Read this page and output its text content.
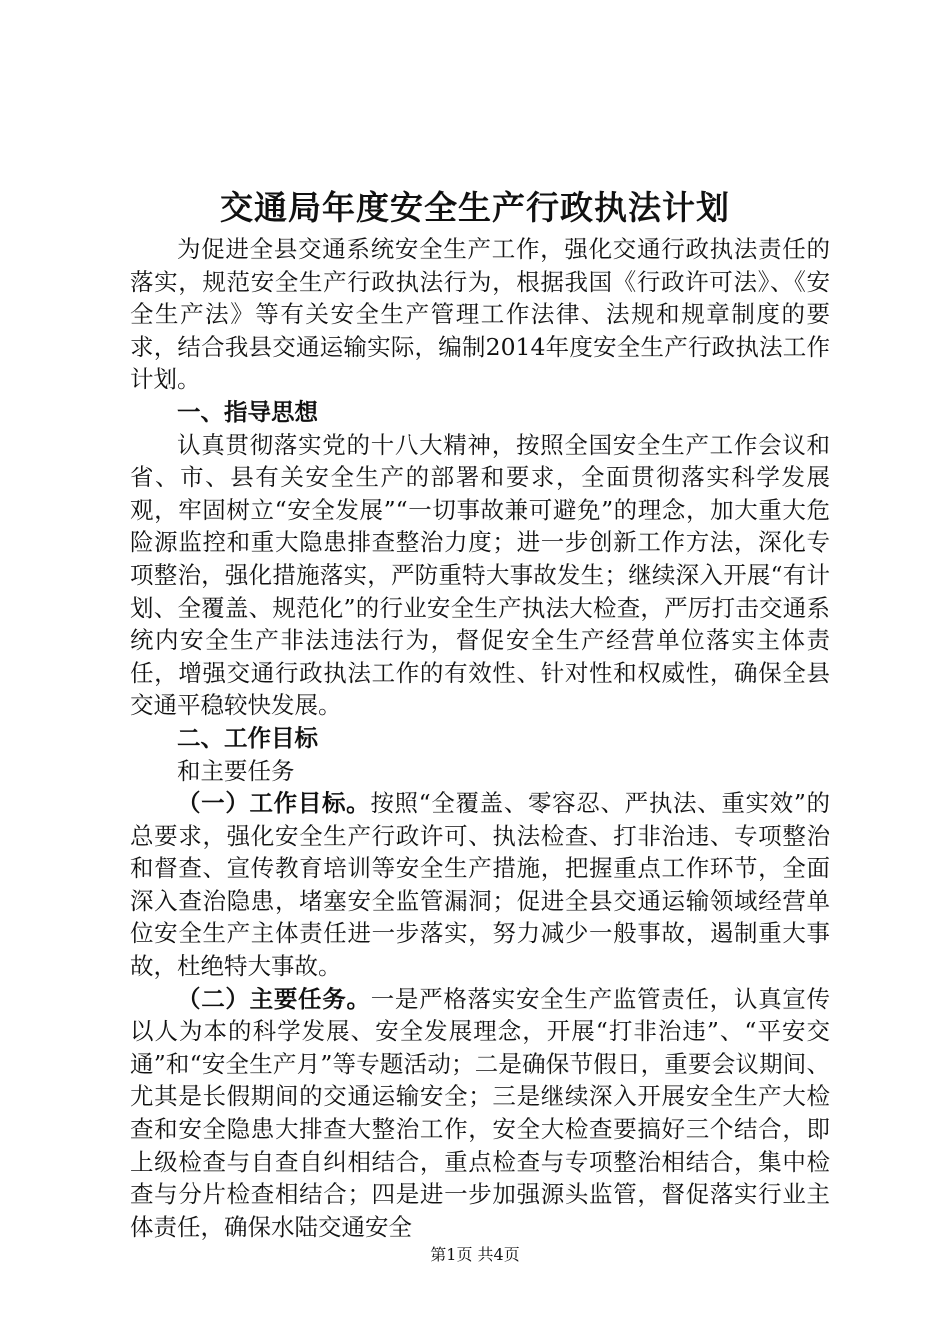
交通局年度安全生产行政执法计划

为促进全县交通系统安全生产工作，强化交通行政执法责任的落实，规范安全生产行政执法行为，根据我国《行政许可法》、《安全生产法》等有关安全生产管理工作法律、法规和规章制度的要求，结合我县交通运输实际，编制2014年度安全生产行政执法工作计划。

一、指导思想

认真贯彻落实党的十八大精神，按照全国安全生产工作会议和省、市、县有关安全生产的部署和要求，全面贯彻落实科学发展观，牢固树立“安全发展”“一切事故兼可避免”的理念，加大重大危险源监控和重大隐患排查整治力度；进一步创新工作方法，深化专项整治，强化措施落实，严防重特大事故发生；继续深入开展“有计划、全覆盖、规范化”的行业安全生产执法大检查，严厉打击交通系统内安全生产非法违法行为，督促安全生产经营单位落实主体责任，增强交通行政执法工作的有效性、针对性和权威性，确保全县交通平稳较快发展。

二、工作目标

和主要任务

（一）工作目标。按照“全覆盖、零容忍、严执法、重实效”的总要求，强化安全生产行政许可、执法检查、打非治违、专项整治和督查、宣传教育培训等安全生产措施，把握重点工作环节，全面深入查治隐患，堵塞安全监管漏洞；促进全县交通运输领域经营单位安全生产主体责任进一步落实，努力减少一般事故，遏制重大事故，杜绝特大事故。

（二）主要任务。一是严格落实安全生产监管责任，认真宣传以人为本的科学发展、安全发展理念，开展“打非治违”、“平安交通”和“安全生产月”等专题活动；二是确保节假日，重要会议期间、尤其是长假期间的交通运输安全；三是继续深入开展安全生产大检查和安全隐患大排查大整治工作，安全大检查要搞好三个结合，即上级检查与自查自纠相结合，重点检查与专项整治相结合，集中检查与分片检查相结合；四是进一步加强源头监管，督促落实行业主体责任，确保水陆交通安全

第1页 共4页
